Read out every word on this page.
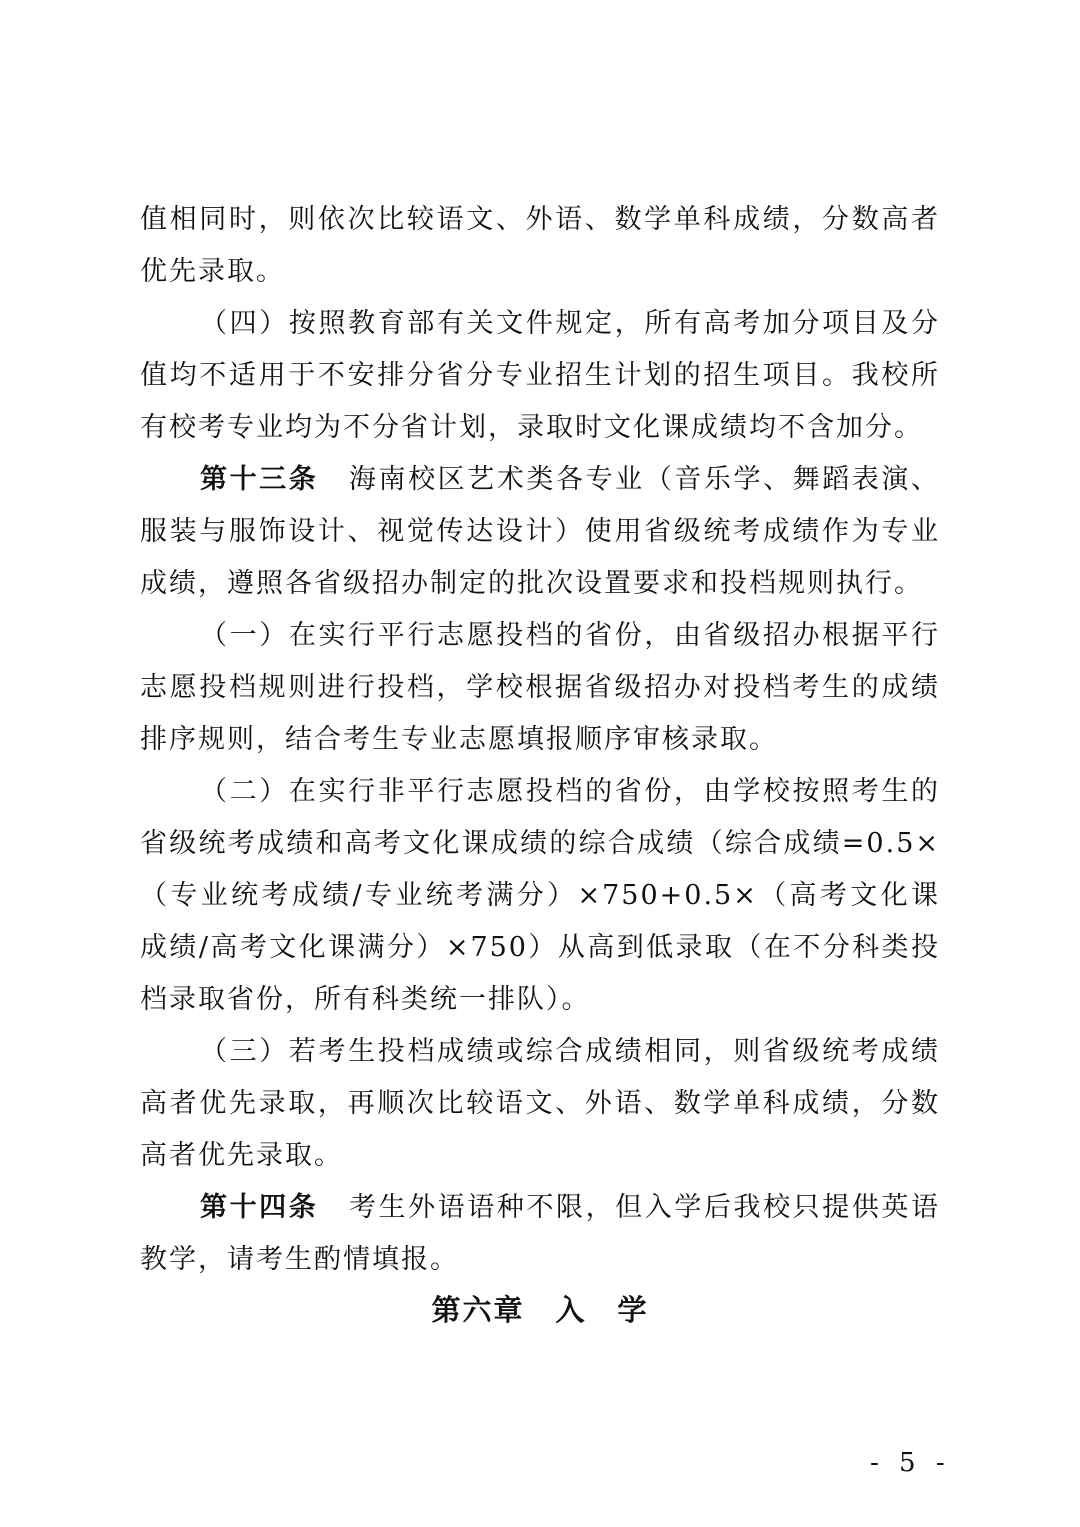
值相同时，则依次比较语文、外语、数学单科成绩，分数高者优先录取。

（四）按照教育部有关文件规定，所有高考加分项目及分值均不适用于不安排分省分专业招生计划的招生项目。我校所有校考专业均为不分省计划，录取时文化课成绩均不含加分。

第十三条 海南校区艺术类各专业（音乐学、舞蹈表演、服装与服饰设计、视觉传达设计）使用省级统考成绩作为专业成绩，遵照各省级招办制定的批次设置要求和投档规则执行。

（一）在实行平行志愿投档的省份，由省级招办根据平行志愿投档规则进行投档，学校根据省级招办对投档考生的成绩排序规则，结合考生专业志愿填报顺序审核录取。

（二）在实行非平行志愿投档的省份，由学校按照考生的省级统考成绩和高考文化课成绩的综合成绩（综合成绩=0.5×（专业统考成绩/专业统考满分）×750+0.5×（高考文化课成绩/高考文化课满分）×750）从高到低录取（在不分科类投档录取省份，所有科类统一排队）。

（三）若考生投档成绩或综合成绩相同，则省级统考成绩高者优先录取，再顺次比较语文、外语、数学单科成绩，分数高者优先录取。

第十四条 考生外语语种不限，但入学后我校只提供英语教学，请考生酌情填报。

第六章　入　学
- 5 -
